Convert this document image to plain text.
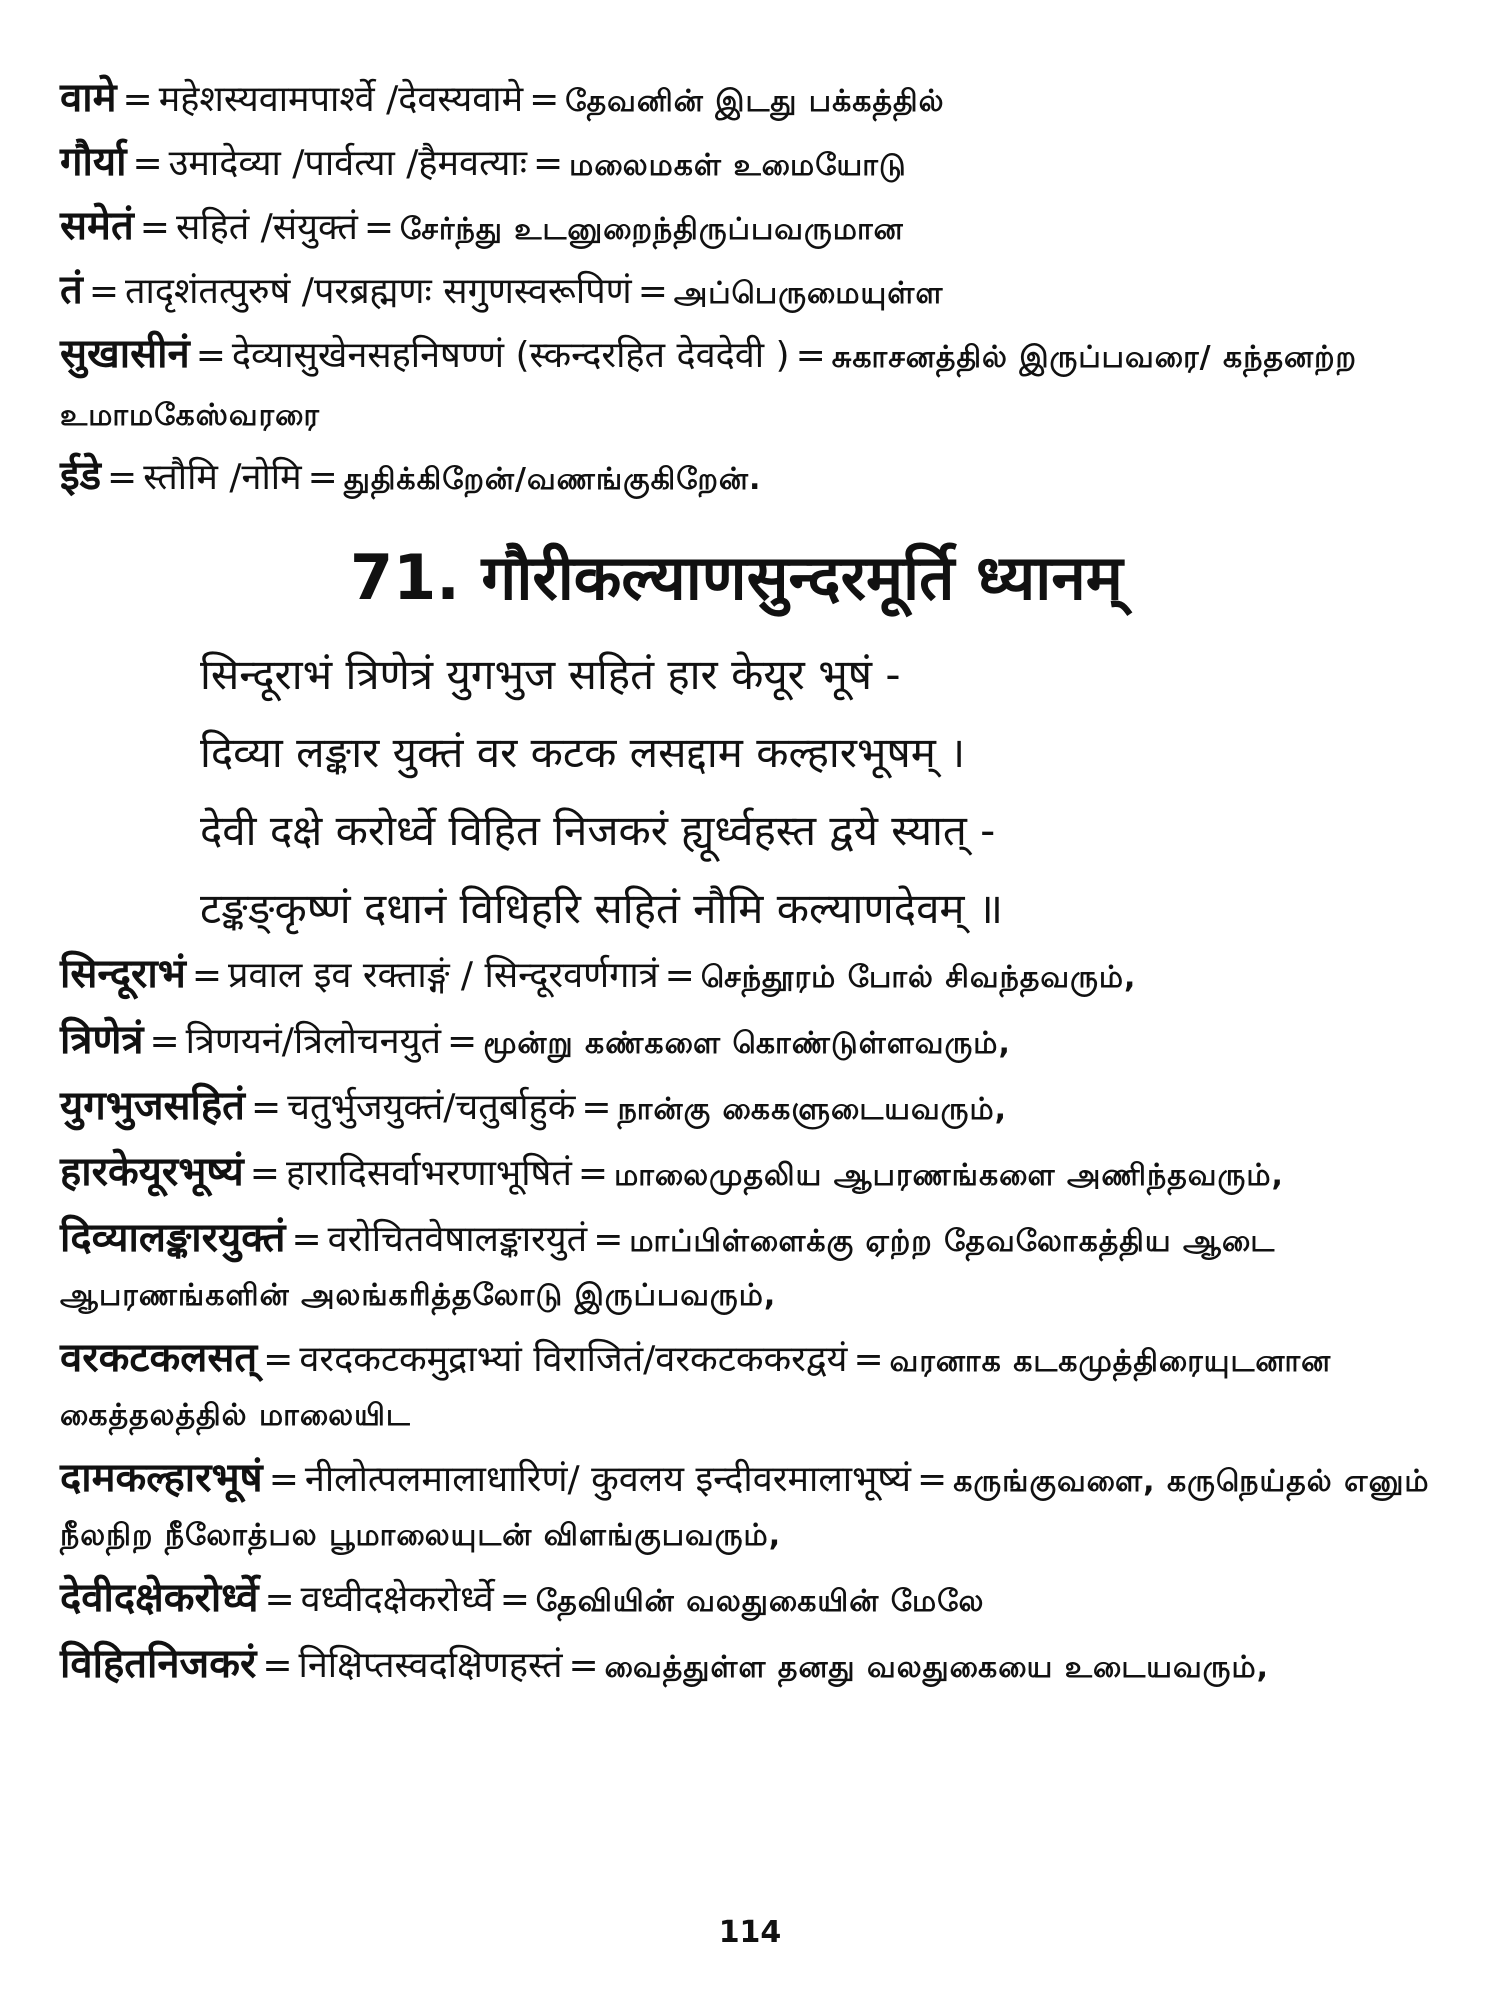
वामे = महेशस्यवामपार्श्वे /देवस्यवामे = தேவனின் இடது பக்கத்தில்

गौर्या = उमादेव्या /पार्वत्या /हैमवत्याः = மலைமகள் உமையோடு

समेतं = सहितं /संयुक्तं = சேர்ந்து உடனுறைந்திருப்பவருமான

तं = तादृशंतत्पुरुषं /परब्रह्मणः सगुणस्वरूपिणं = அப்பெருமையுள்ள

सुखासीनं = देव्यासुखेनसहनिषण्णं (स्कन्दरहित देवदेवी ) = சுகாசனத்தில் இருப்பவரை/ கந்தனற்ற உமாமகேஸ்வரரை

ईडे = स्तौमि /नोमि = துதிக்கிறேன்/வணங்குகிறேன்.

71. गौरीकल्याणसुन्दरमूर्ति ध्यानम्
सिन्दूराभं त्रिणेत्रं युगभुज सहितं हार केयूर भूषं -
दिव्या लङ्कार युक्तं वर कटक लसद्दाम कल्हारभूषम् ।
देवी दक्षे करोर्ध्वे विहित निजकरं ह्यूर्ध्वहस्त द्वये स्यात् -
टङ्कङ्कृष्णं दधानं विधिहरि सहितं नौमि कल्याणदेवम् ॥

सिन्दूराभं = प्रवाल इव रक्ताङ्गं / सिन्दूरवर्णगात्रं = செந்தூரம் போல் சிவந்தவரும்,

त्रिणेत्रं = त्रिणयनं/त्रिलोचनयुतं = மூன்று கண்களை கொண்டுள்ளவரும்,

युगभुजसहितं = चतुर्भुजयुक्तं/चतुर्बाहुकं = நான்கு கைகளுடையவரும்,

हारकेयूरभूष्यं = हारादिसर्वाभरणाभूषितं = மாலைமுதலிய ஆபரணங்களை அணிந்தவரும்,

दिव्यालङ्कारयुक्तं = वरोचितवेषालङ्कारयुतं = மாப்பிள்ளைக்கு ஏற்ற தேவலோகத்திய ஆடை ஆபரணங்களின் அலங்கரித்தலோடு இருப்பவரும்,

वरकटकलसत् = वरदकटकमुद्राभ्यां विराजितं/वरकटककरद्वयं = வரனாக கடகமுத்திரையுடனான கைத்தலத்தில் மாலையிட

दामकल्हारभूषं = नीलोत्पलमालाधारिणं/ कुवलय इन्दीवरमालाभूष्यं = கருங்குவளை, கருநெய்தல் எனும் நீலநிற நீலோத்பல பூமாலையுடன் விளங்குபவரும்,

देवीदक्षेकरोर्ध्वे = वध्वीदक्षेकरोर्ध्वे = தேவியின் வலதுகையின் மேலே

विहितनिजकरं = निक्षिप्तस्वदक्षिणहस्तं = வைத்துள்ள தனது வலதுகையை உடையவரும்,

114
